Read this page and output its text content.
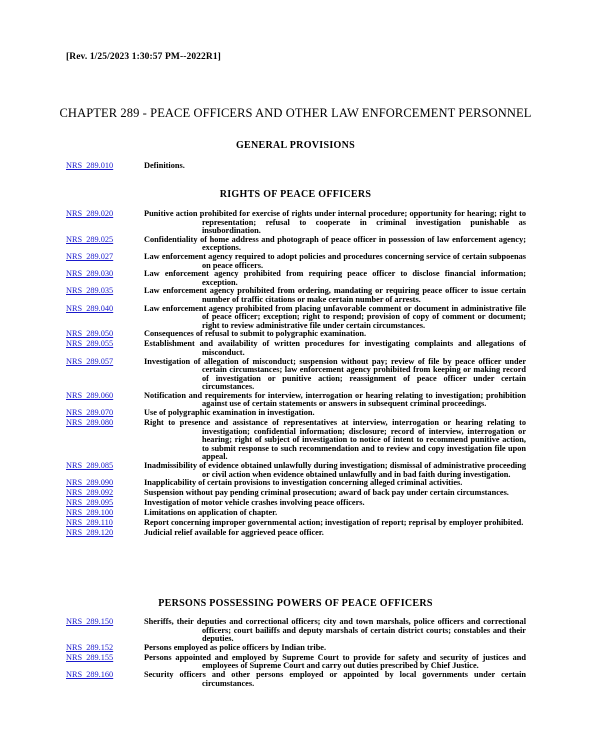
[Rev. 1/25/2023 1:30:57 PM--2022R1]
CHAPTER 289 - PEACE OFFICERS AND OTHER LAW ENFORCEMENT PERSONNEL
GENERAL PROVISIONS
NRS 289.010	Definitions.
RIGHTS OF PEACE OFFICERS
NRS 289.020	Punitive action prohibited for exercise of rights under internal procedure; opportunity for hearing; right to representation; refusal to cooperate in criminal investigation punishable as insubordination.
NRS 289.025	Confidentiality of home address and photograph of peace officer in possession of law enforcement agency; exceptions.
NRS 289.027	Law enforcement agency required to adopt policies and procedures concerning service of certain subpoenas on peace officers.
NRS 289.030	Law enforcement agency prohibited from requiring peace officer to disclose financial information; exception.
NRS 289.035	Law enforcement agency prohibited from ordering, mandating or requiring peace officer to issue certain number of traffic citations or make certain number of arrests.
NRS 289.040	Law enforcement agency prohibited from placing unfavorable comment or document in administrative file of peace officer; exception; right to respond; provision of copy of comment or document; right to review administrative file under certain circumstances.
NRS 289.050	Consequences of refusal to submit to polygraphic examination.
NRS 289.055	Establishment and availability of written procedures for investigating complaints and allegations of misconduct.
NRS 289.057	Investigation of allegation of misconduct; suspension without pay; review of file by peace officer under certain circumstances; law enforcement agency prohibited from keeping or making record of investigation or punitive action; reassignment of peace officer under certain circumstances.
NRS 289.060	Notification and requirements for interview, interrogation or hearing relating to investigation; prohibition against use of certain statements or answers in subsequent criminal proceedings.
NRS 289.070	Use of polygraphic examination in investigation.
NRS 289.080	Right to presence and assistance of representatives at interview, interrogation or hearing relating to investigation; confidential information; disclosure; record of interview, interrogation or hearing; right of subject of investigation to notice of intent to recommend punitive action, to submit response to such recommendation and to review and copy investigation file upon appeal.
NRS 289.085	Inadmissibility of evidence obtained unlawfully during investigation; dismissal of administrative proceeding or civil action when evidence obtained unlawfully and in bad faith during investigation.
NRS 289.090	Inapplicability of certain provisions to investigation concerning alleged criminal activities.
NRS 289.092	Suspension without pay pending criminal prosecution; award of back pay under certain circumstances.
NRS 289.095	Investigation of motor vehicle crashes involving peace officers.
NRS 289.100	Limitations on application of chapter.
NRS 289.110	Report concerning improper governmental action; investigation of report; reprisal by employer prohibited.
NRS 289.120	Judicial relief available for aggrieved peace officer.
PERSONS POSSESSING POWERS OF PEACE OFFICERS
NRS 289.150	Sheriffs, their deputies and correctional officers; city and town marshals, police officers and correctional officers; court bailiffs and deputy marshals of certain district courts; constables and their deputies.
NRS 289.152	Persons employed as police officers by Indian tribe.
NRS 289.155	Persons appointed and employed by Supreme Court to provide for safety and security of justices and employees of Supreme Court and carry out duties prescribed by Chief Justice.
NRS 289.160	Security officers and other persons employed or appointed by local governments under certain circumstances.
